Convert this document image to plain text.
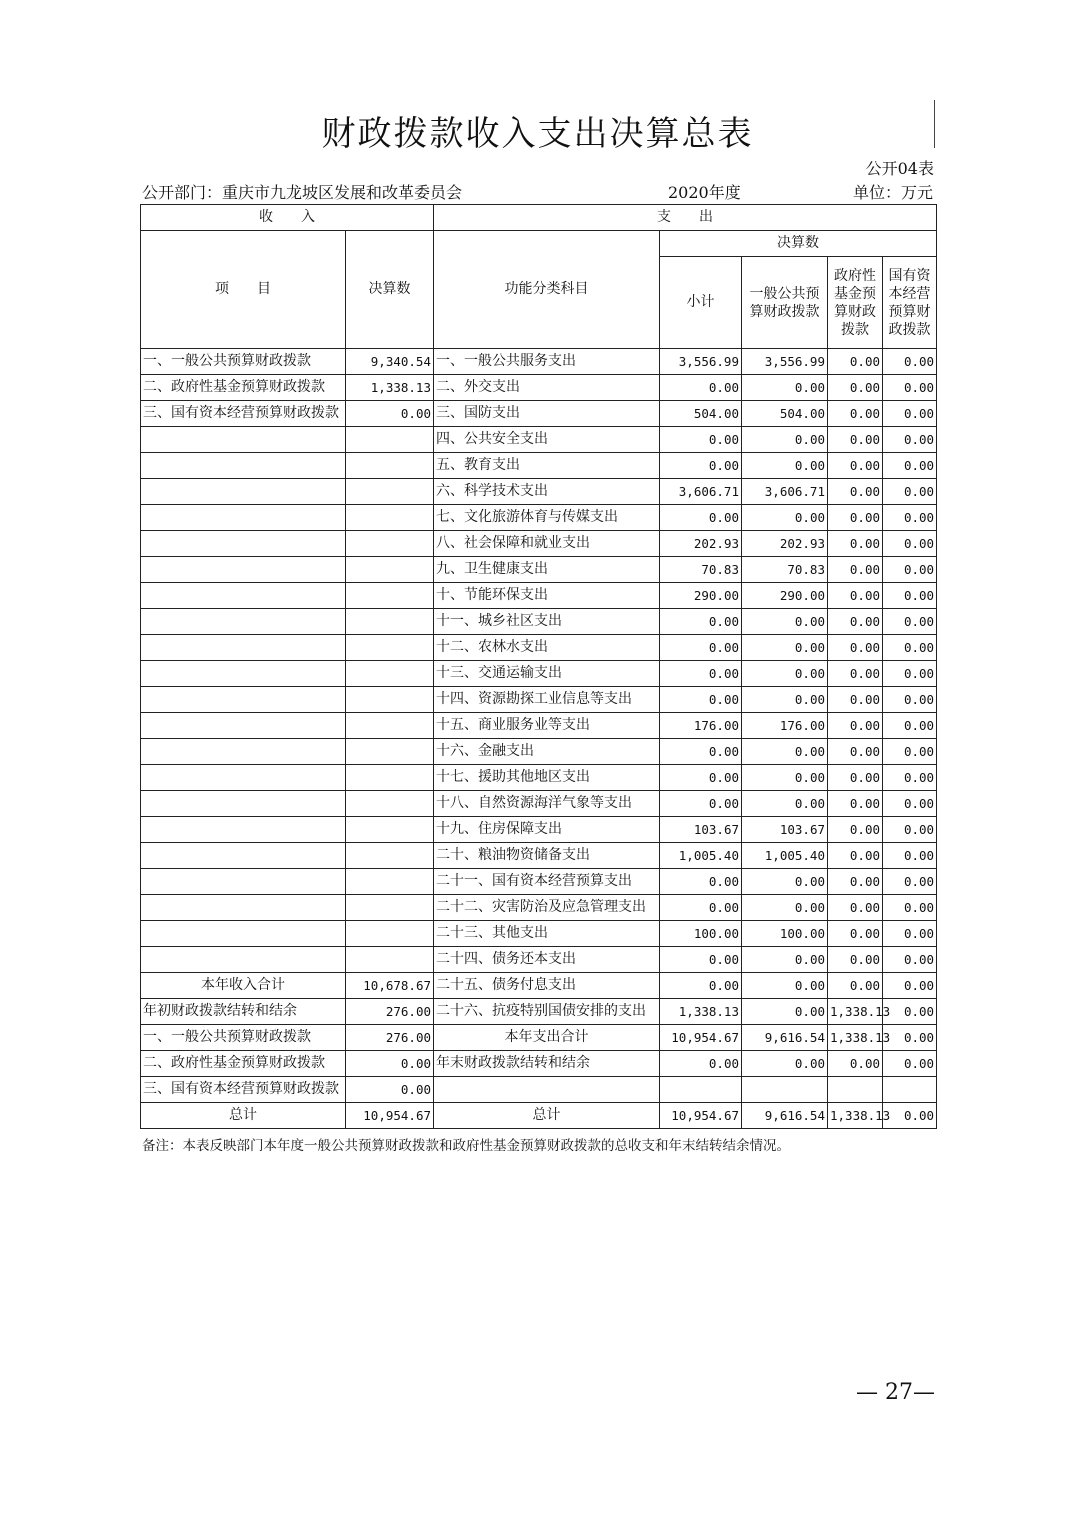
财政拨款收入支出决算总表
公开04表
公开部门：重庆市九龙坡区发展和改革委员会	2020年度	单位：万元
收　　入		支　　出				
项　　目	决算数	功能分类科目	决算数			
			小计	一般公共预算财政拨款	政府性基金预算财政拨款	国有资本经营预算财政拨款
一、一般公共预算财政拨款	9,340.54	一、一般公共服务支出	3,556.99	3,556.99	0.00	0.00
二、政府性基金预算财政拨款	1,338.13	二、外交支出	0.00	0.00	0.00	0.00
三、国有资本经营预算财政拨款	0.00	三、国防支出	504.00	504.00	0.00	0.00
		四、公共安全支出	0.00	0.00	0.00	0.00
		五、教育支出	0.00	0.00	0.00	0.00
		六、科学技术支出	3,606.71	3,606.71	0.00	0.00
		七、文化旅游体育与传媒支出	0.00	0.00	0.00	0.00
		八、社会保障和就业支出	202.93	202.93	0.00	0.00
		九、卫生健康支出	70.83	70.83	0.00	0.00
		十、节能环保支出	290.00	290.00	0.00	0.00
		十一、城乡社区支出	0.00	0.00	0.00	0.00
		十二、农林水支出	0.00	0.00	0.00	0.00
		十三、交通运输支出	0.00	0.00	0.00	0.00
		十四、资源勘探工业信息等支出	0.00	0.00	0.00	0.00
		十五、商业服务业等支出	176.00	176.00	0.00	0.00
		十六、金融支出	0.00	0.00	0.00	0.00
		十七、援助其他地区支出	0.00	0.00	0.00	0.00
		十八、自然资源海洋气象等支出	0.00	0.00	0.00	0.00
		十九、住房保障支出	103.67	103.67	0.00	0.00
		二十、粮油物资储备支出	1,005.40	1,005.40	0.00	0.00
		二十一、国有资本经营预算支出	0.00	0.00	0.00	0.00
		二十二、灾害防治及应急管理支出	0.00	0.00	0.00	0.00
		二十三、其他支出	100.00	100.00	0.00	0.00
		二十四、债务还本支出	0.00	0.00	0.00	0.00
本年收入合计	10,678.67	二十五、债务付息支出	0.00	0.00	0.00	0.00
年初财政拨款结转和结余	276.00	二十六、抗疫特别国债安排的支出	1,338.13	0.00	1,338.13	0.00
一、一般公共预算财政拨款	276.00	本年支出合计	10,954.67	9,616.54	1,338.13	0.00
二、政府性基金预算财政拨款	0.00	年末财政拨款结转和结余	0.00	0.00	0.00	0.00
三、国有资本经营预算财政拨款	0.00					
总计	10,954.67	总计	10,954.67	9,616.54	1,338.13	0.00
备注：本表反映部门本年度一般公共预算财政拨款和政府性基金预算财政拨款的总收支和年末结转结余情况。
— 27—
